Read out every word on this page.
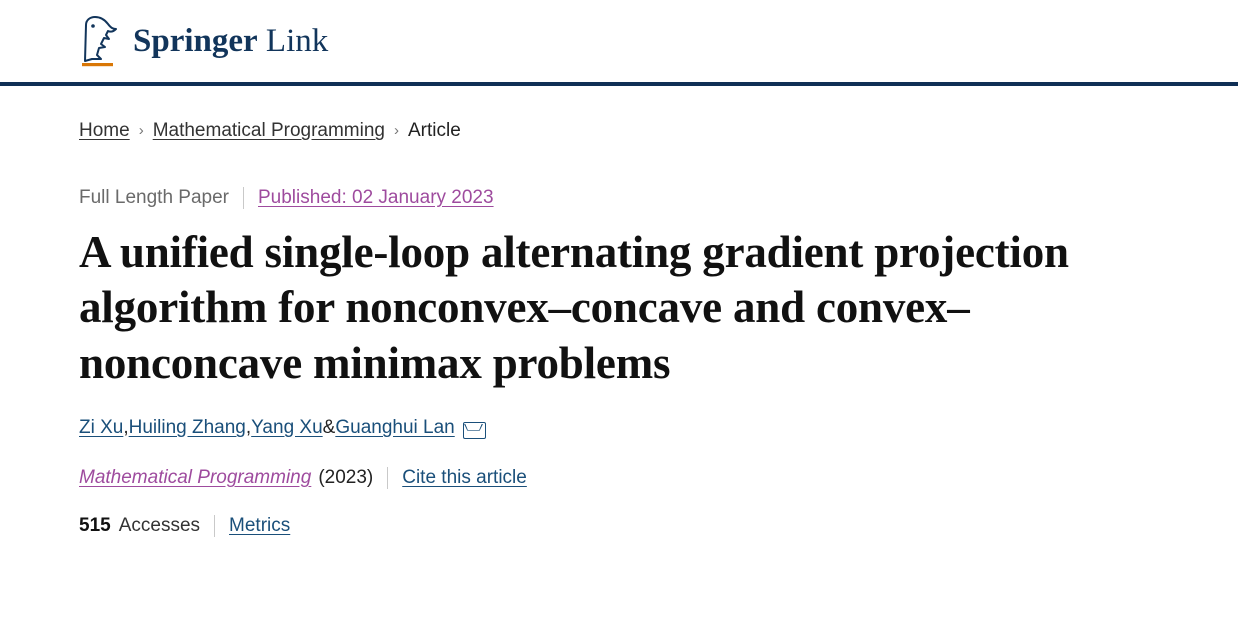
Springer Link
Home › Mathematical Programming › Article
Full Length Paper Published: 02 January 2023
A unified single-loop alternating gradient projection algorithm for nonconvex–concave and convex–nonconcave minimax problems
Zi Xu , Huiling Zhang , Yang Xu & Guanghui Lan
Mathematical Programming (2023) Cite this article
515 Accesses Metrics
